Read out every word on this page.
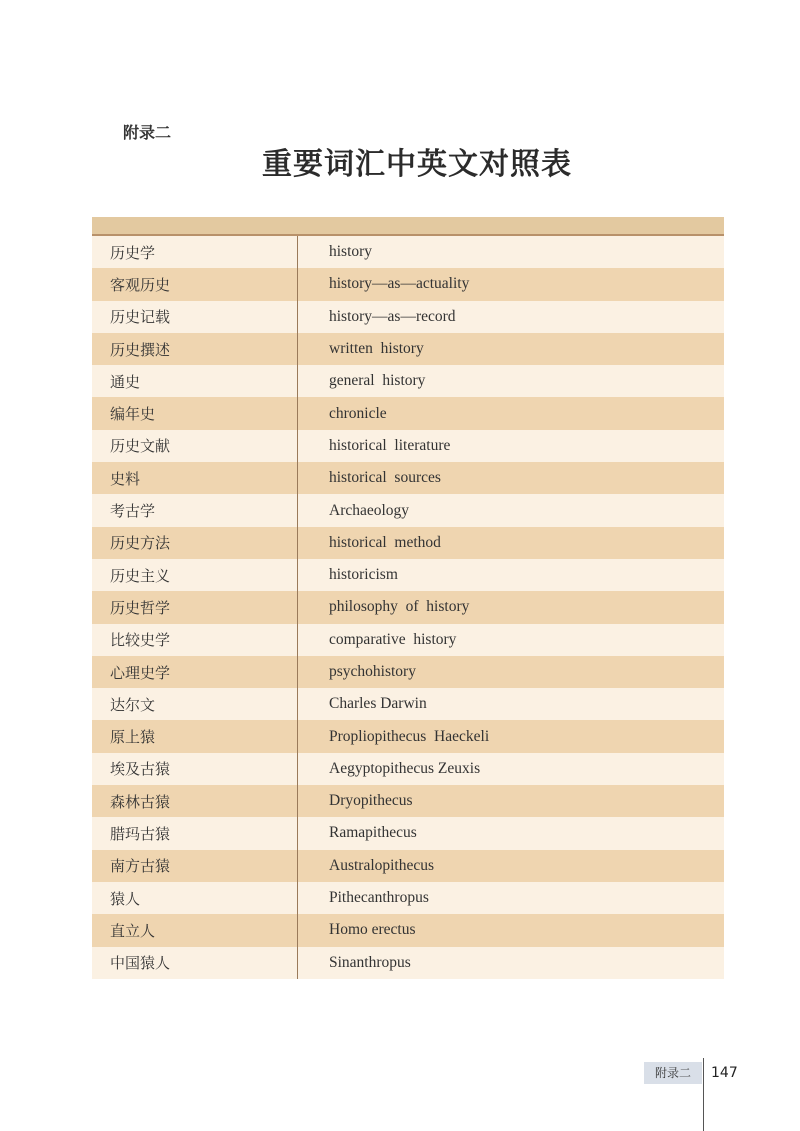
附录二
重要词汇中英文对照表
历史学	history
客观历史	history—as—actuality
历史记载	history—as—record
历史撰述	written  history
通史	general  history
编年史	chronicle
历史文献	historical  literature
史料	historical  sources
考古学	Archaeology
历史方法	historical  method
历史主义	historicism
历史哲学	philosophy  of  history
比较史学	comparative  history
心理史学	psychohistory
达尔文	Charles Darwin
原上猿	Propliopithecus  Haeckeli
埃及古猿	Aegyptopithecus Zeuxis
森林古猿	Dryopithecus
腊玛古猿	Ramapithecus
南方古猿	Australopithecus
猿人	Pithecanthropus
直立人	Homo erectus
中国猿人	Sinanthropus
附录二	147
